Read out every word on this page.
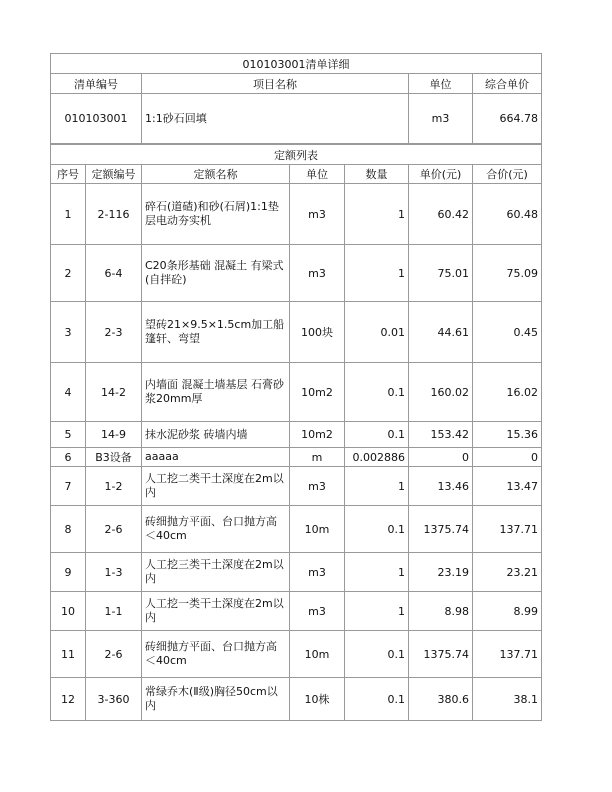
010103001清单详细			
清单编号	项目名称	单位	综合单价
010103001	1:1砂石回填	m3	664.78
定额列表						
序号	定额编号	定额名称	单位	数量	单价(元)	合价(元)
1	2-116	碎石(道碴)和砂(石屑)1:1垫层电动夯实机	m3	1	60.42	60.48
2	6-4	C20条形基础 混凝土 有梁式(自拌砼)	m3	1	75.01	75.09
3	2-3	望砖21×9.5×1.5cm加工船篷轩、弯望	100块	0.01	44.61	0.45
4	14-2	内墙面 混凝土墙基层 石膏砂浆20mm厚	10m2	0.1	160.02	16.02
5	14-9	抹水泥砂浆 砖墙内墙	10m2	0.1	153.42	15.36
6	B3设备	aaaaa	m	0.002886	0	0
7	1-2	人工挖二类干土深度在2m以内	m3	1	13.46	13.47
8	2-6	砖细抛方平面、台口抛方高＜40cm	10m	0.1	1375.74	137.71
9	1-3	人工挖三类干土深度在2m以内	m3	1	23.19	23.21
10	1-1	人工挖一类干土深度在2m以内	m3	1	8.98	8.99
11	2-6	砖细抛方平面、台口抛方高＜40cm	10m	0.1	1375.74	137.71
12	3-360	常绿乔木(Ⅱ级)胸径50cm以内	10株	0.1	380.6	38.1
